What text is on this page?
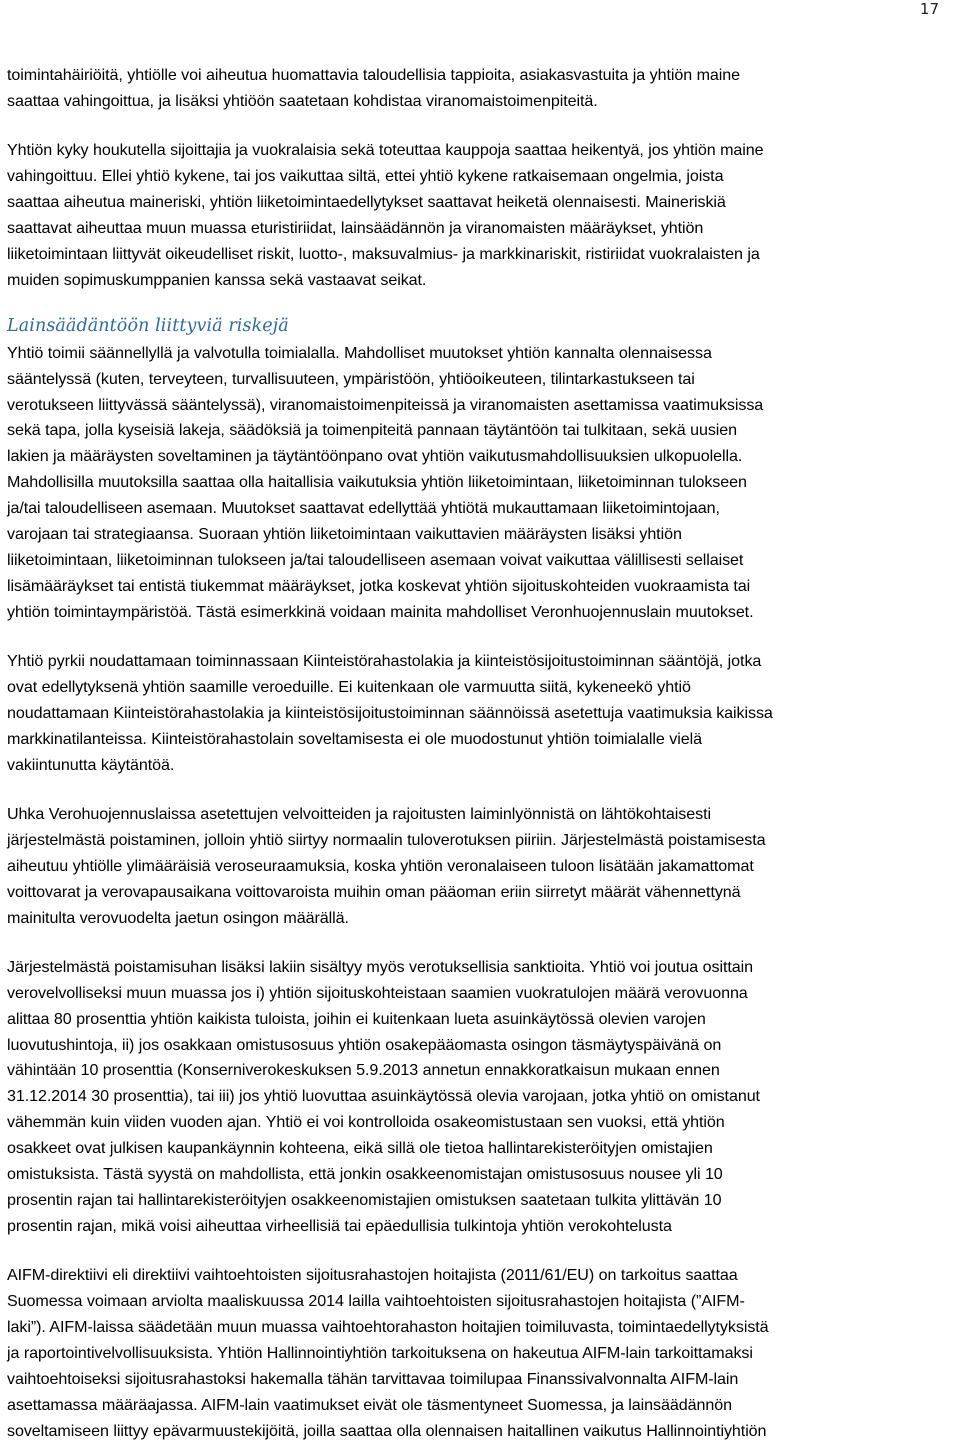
17
toimintahäiriöitä, yhtiölle voi aiheutua huomattavia taloudellisia tappioita, asiakasvastuita ja yhtiön maine
saattaa vahingoittua, ja lisäksi yhtiöön saatetaan kohdistaa viranomaistoimenpiteitä.
Yhtiön kyky houkutella sijoittajia ja vuokralaisia sekä toteuttaa kauppoja saattaa heikentyä, jos yhtiön maine
vahingoittuu. Ellei yhtiö kykene, tai jos vaikuttaa siltä, ettei yhtiö kykene ratkaisemaan ongelmia, joista
saattaa aiheutua maineriski, yhtiön liiketoimintaedellytykset saattavat heiketä olennaisesti. Maineriskiä
saattavat aiheuttaa muun muassa eturistiriidat, lainsäädännön ja viranomaisten määräykset, yhtiön
liiketoimintaan liittyvät oikeudelliset riskit, luotto-, maksuvalmius- ja markkinariskit, ristiriidat vuokralaisten ja
muiden sopimuskumppanien kanssa sekä vastaavat seikat.
Lainsäädäntöön liittyviä riskejä
Yhtiö toimii säännellyllä ja valvotulla toimialalla. Mahdolliset muutokset yhtiön kannalta olennaisessa
sääntelyssä (kuten, terveyteen, turvallisuuteen, ympäristöön, yhtiöoikeuteen, tilintarkastukseen tai
verotukseen liittyvässä sääntelyssä), viranomaistoimenpiteissä ja viranomaisten asettamissa vaatimuksissa
sekä tapa, jolla kyseisiä lakeja, säädöksiä ja toimenpiteitä pannaan täytäntöön tai tulkitaan, sekä uusien
lakien ja määräysten soveltaminen ja täytäntöönpano ovat yhtiön vaikutusmahdollisuuksien ulkopuolella.
Mahdollisilla muutoksilla saattaa olla haitallisia vaikutuksia yhtiön liiketoimintaan, liiketoiminnan tulokseen
ja/tai taloudelliseen asemaan. Muutokset saattavat edellyttää yhtiötä mukauttamaan liiketoimintojaan,
varojaan tai strategiaansa. Suoraan yhtiön liiketoimintaan vaikuttavien määräysten lisäksi yhtiön
liiketoimintaan, liiketoiminnan tulokseen ja/tai taloudelliseen asemaan voivat vaikuttaa välillisesti sellaiset
lisämääräykset tai entistä tiukemmat määräykset, jotka koskevat yhtiön sijoituskohteiden vuokraamista tai
yhtiön toimintaympäristöä. Tästä esimerkkinä voidaan mainita mahdolliset Veronhuojennuslain muutokset.
Yhtiö pyrkii noudattamaan toiminnassaan Kiinteistörahastolakia ja kiinteistösijoitustoiminnan sääntöjä, jotka
ovat edellytyksenä yhtiön saamille veroeduille. Ei kuitenkaan ole varmuutta siitä, kykeneekö yhtiö
noudattamaan Kiinteistörahastolakia ja kiinteistösijoitustoiminnan säännöissä asetettuja vaatimuksia kaikissa
markkinatilanteissa. Kiinteistörahastolain soveltamisesta ei ole muodostunut yhtiön toimialalle vielä
vakiintunutta käytäntöä.
Uhka Verohuojennuslaissa asetettujen velvoitteiden ja rajoitusten laiminlyönnistä on lähtökohtaisesti
järjestelmästä poistaminen, jolloin yhtiö siirtyy normaalin tuloverotuksen piiriin. Järjestelmästä poistamisesta
aiheutuu yhtiölle ylimääräisiä veroseuraamuksia, koska yhtiön veronalaiseen tuloon lisätään jakamattomat
voittovarat ja verovapausaikana voittovaroista muihin oman pääoman eriin siirretyt määrät vähennettynä
mainitulta verovuodelta jaetun osingon määrällä.
Järjestelmästä poistamisuhan lisäksi lakiin sisältyy myös verotuksellisia sanktioita. Yhtiö voi joutua osittain
verovelvolliseksi muun muassa jos i) yhtiön sijoituskohteistaan saamien vuokratulojen määrä verovuonna
alittaa 80 prosenttia yhtiön kaikista tuloista, joihin ei kuitenkaan lueta asuinkäytössä olevien varojen
luovutushintoja, ii) jos osakkaan omistusosuus yhtiön osakepääomasta osingon täsmäytyspäivänä on
vähintään 10 prosenttia (Konserniverokeskuksen 5.9.2013 annetun ennakkoratkaisun mukaan ennen
31.12.2014 30 prosenttia), tai iii) jos yhtiö luovuttaa asuinkäytössä olevia varojaan, jotka yhtiö on omistanut
vähemmän kuin viiden vuoden ajan. Yhtiö ei voi kontrolloida osakeomistustaan sen vuoksi, että yhtiön
osakkeet ovat julkisen kaupankäynnin kohteena, eikä sillä ole tietoa hallintarekisteröityjen omistajien
omistuksista. Tästä syystä on mahdollista, että jonkin osakkeenomistajan omistusosuus nousee yli 10
prosentin rajan tai hallintarekisteröityjen osakkeenomistajien omistuksen saatetaan tulkita ylittävän 10
prosentin rajan, mikä voisi aiheuttaa virheellisiä tai epäedullisia tulkintoja yhtiön verokohtelusta
AIFM-direktiivi eli direktiivi vaihtoehtoisten sijoitusrahastojen hoitajista (2011/61/EU) on tarkoitus saattaa
Suomessa voimaan arviolta maaliskuussa 2014 lailla vaihtoehtoisten sijoitusrahastojen hoitajista (”AIFM-
laki”). AIFM-laissa säädetään muun muassa vaihtoehtorahaston hoitajien toimiluvasta, toimintaedellytyksistä
ja raportointivelvollisuuksista. Yhtiön Hallinnointiyhtiön tarkoituksena on hakeutua AIFM-lain tarkoittamaksi
vaihtoehtoiseksi sijoitusrahastoksi hakemalla tähän tarvittavaa toimilupaa Finanssivalvonnalta AIFM-lain
asettamassa määräajassa. AIFM-lain vaatimukset eivät ole täsmentyneet Suomessa, ja lainsäädännön
soveltamiseen liittyy epävarmuustekijöitä, joilla saattaa olla olennaisen haitallinen vaikutus Hallinnointiyhtiön
